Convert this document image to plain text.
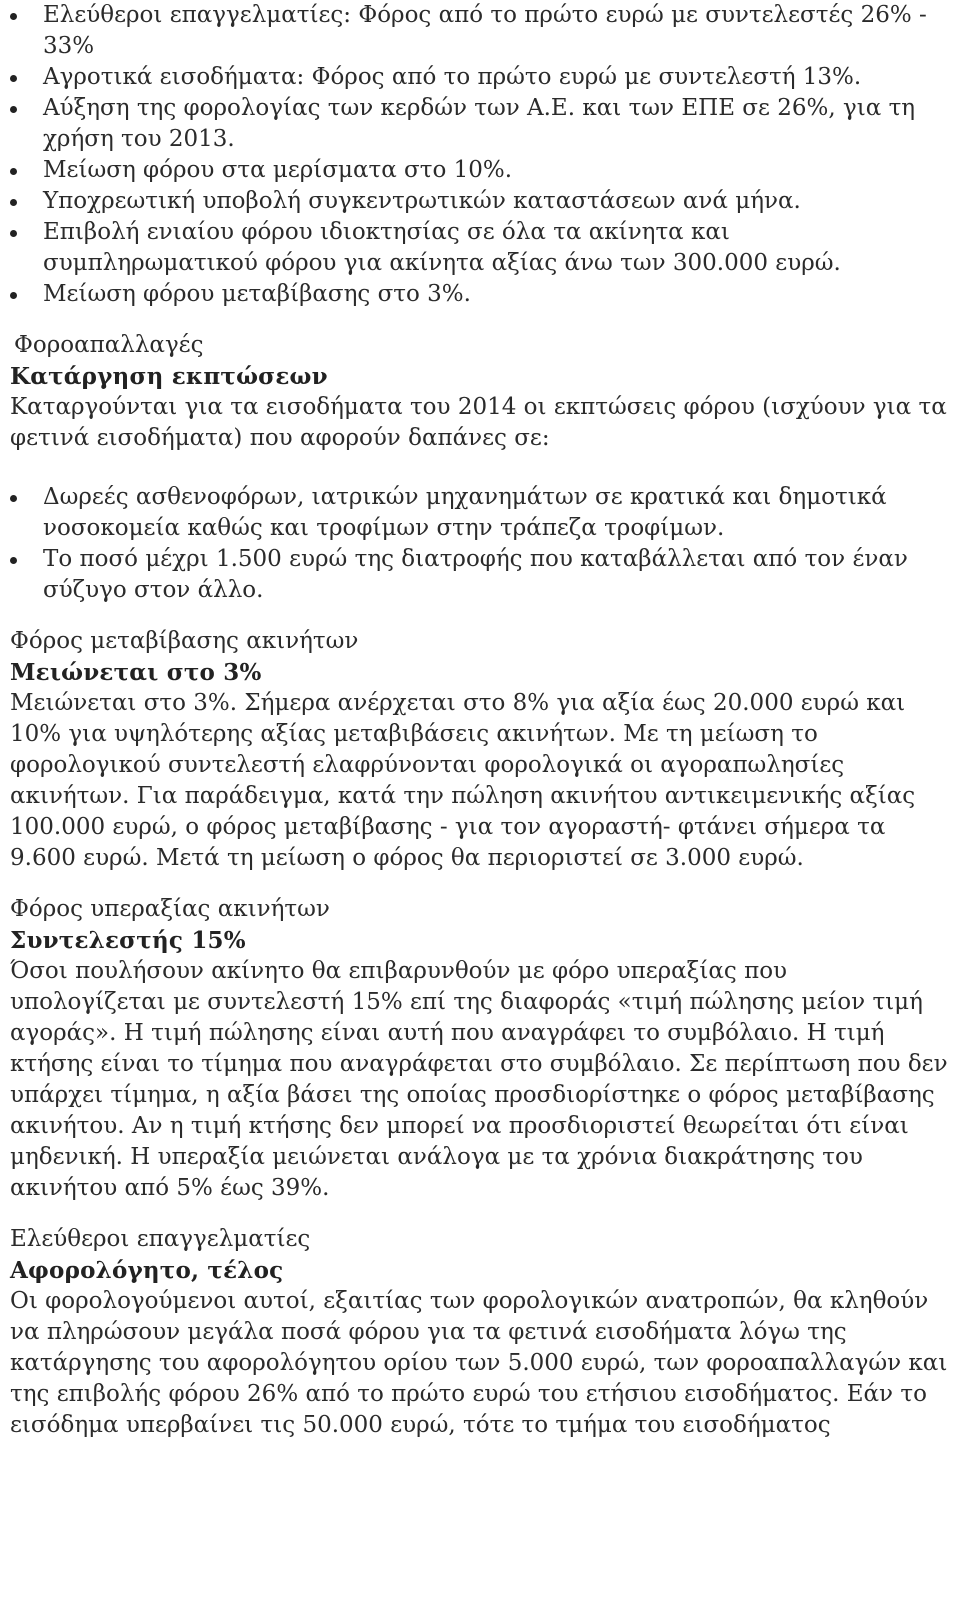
Ελεύθεροι επαγγελματίες: Φόρος από το πρώτο ευρώ με συντελεστές 26% - 33%
Αγροτικά εισοδήματα: Φόρος από το πρώτο ευρώ με συντελεστή 13%.
Αύξηση της φορολογίας των κερδών των Α.Ε. και των ΕΠΕ σε 26%, για τη χρήση του 2013.
Μείωση φόρου στα μερίσματα στο 10%.
Υποχρεωτική υποβολή συγκεντρωτικών καταστάσεων ανά μήνα.
Επιβολή ενιαίου φόρου ιδιοκτησίας σε όλα τα ακίνητα και συμπληρωματικού φόρου για ακίνητα αξίας άνω των 300.000 ευρώ.
Μείωση φόρου μεταβίβασης στο 3%.
Φοροαπαλλαγές
Κατάργηση εκπτώσεων

Καταργούνται για τα εισοδήματα του 2014 οι εκπτώσεις φόρου (ισχύουν για τα φετινά εισοδήματα) που αφορούν δαπάνες σε:

Δωρεές ασθενοφόρων, ιατρικών μηχανημάτων σε κρατικά και δημοτικά νοσοκομεία καθώς και τροφίμων στην τράπεζα τροφίμων.
Το ποσό μέχρι 1.500 ευρώ της διατροφής που καταβάλλεται από τον έναν σύζυγο στον άλλο.
Φόρος μεταβίβασης ακινήτων
Μειώνεται στο 3%

Μειώνεται στο 3%. Σήμερα ανέρχεται στο 8% για αξία έως 20.000 ευρώ και 10% για υψηλότερης αξίας μεταβιβάσεις ακινήτων. Με τη μείωση το φορολογικού συντελεστή ελαφρύνονται φορολογικά οι αγοραπωλησίες ακινήτων. Για παράδειγμα, κατά την πώληση ακινήτου αντικειμενικής αξίας 100.000 ευρώ, ο φόρος μεταβίβασης - για τον αγοραστή- φτάνει σήμερα τα 9.600 ευρώ. Μετά τη μείωση ο φόρος θα περιοριστεί σε 3.000 ευρώ.

Φόρος υπεραξίας ακινήτων
Συντελεστής 15%

Όσοι πουλήσουν ακίνητο θα επιβαρυνθούν με φόρο υπεραξίας που υπολογίζεται με συντελεστή 15% επί της διαφοράς «τιμή πώλησης μείον τιμή αγοράς». Η τιμή πώλησης είναι αυτή που αναγράφει το συμβόλαιο. Η τιμή κτήσης είναι το τίμημα που αναγράφεται στο συμβόλαιο. Σε περίπτωση που δεν υπάρχει τίμημα, η αξία βάσει της οποίας προσδιορίστηκε ο φόρος μεταβίβασης ακινήτου. Αν η τιμή κτήσης δεν μπορεί να προσδιοριστεί θεωρείται ότι είναι μηδενική. Η υπεραξία μειώνεται ανάλογα με τα χρόνια διακράτησης του ακινήτου από 5% έως 39%.

Ελεύθεροι επαγγελματίες
Αφορολόγητο, τέλος

Οι φορολογούμενοι αυτοί, εξαιτίας των φορολογικών ανατροπών, θα κληθούν να πληρώσουν μεγάλα ποσά φόρου για τα φετινά εισοδήματα λόγω της κατάργησης του αφορολόγητου ορίου των 5.000 ευρώ, των φοροαπαλλαγών και της επιβολής φόρου 26% από το πρώτο ευρώ του ετήσιου εισοδήματος. Εάν το εισόδημα υπερβαίνει τις 50.000 ευρώ, τότε το τμήμα του εισοδήματος
